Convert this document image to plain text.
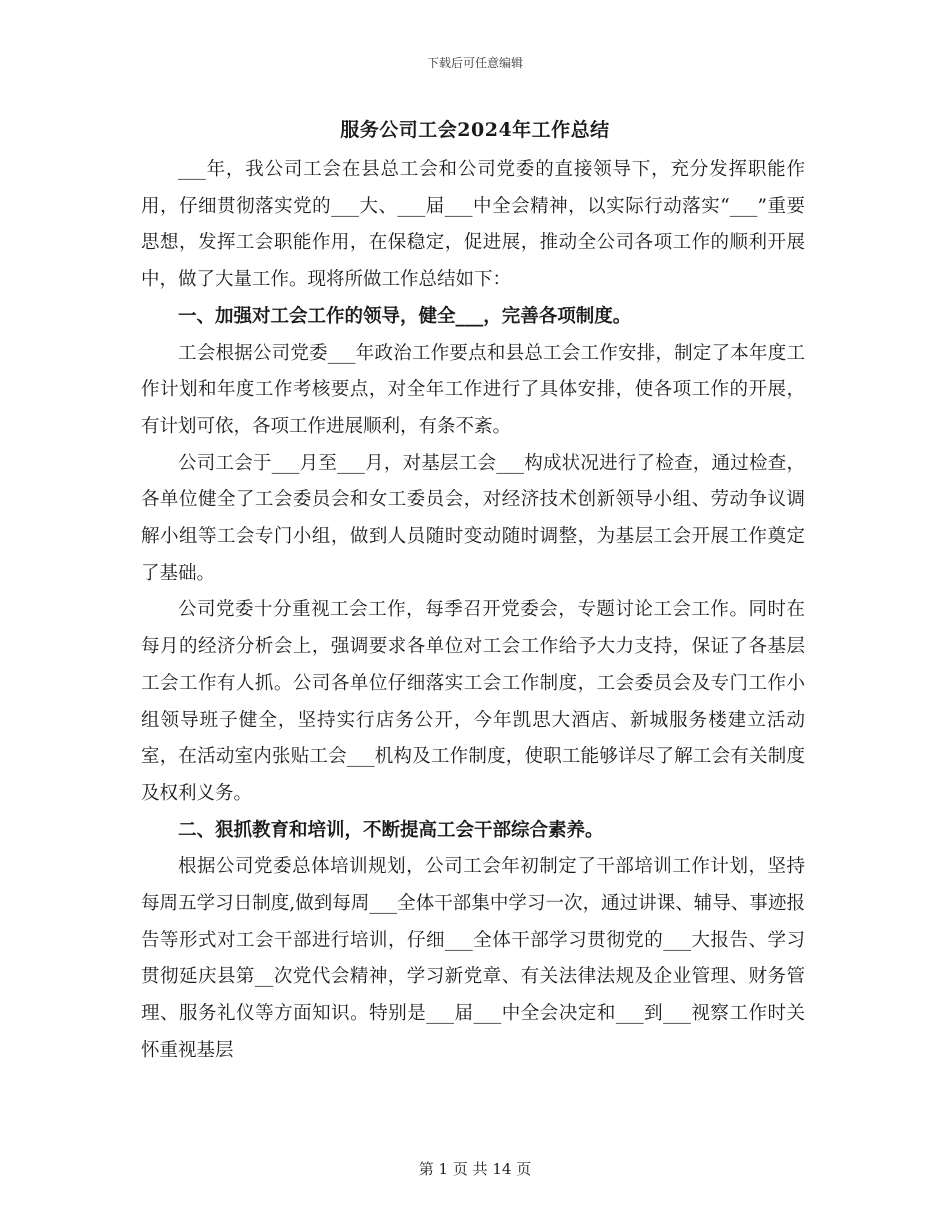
下载后可任意编辑
服务公司工会2024年工作总结

___年，我公司工会在县总工会和公司党委的直接领导下，充分发挥职能作用，仔细贯彻落实党的___大、___届___中全会精神，以实际行动落实“___”重要思想，发挥工会职能作用，在保稳定，促进展，推动全公司各项工作的顺利开展中，做了大量工作。现将所做工作总结如下：

一、加强对工会工作的领导，健全___，完善各项制度。

工会根据公司党委___年政治工作要点和县总工会工作安排，制定了本年度工作计划和年度工作考核要点，对全年工作进行了具体安排，使各项工作的开展，有计划可依，各项工作进展顺利，有条不紊。

公司工会于___月至___月，对基层工会___构成状况进行了检查，通过检查，各单位健全了工会委员会和女工委员会，对经济技术创新领导小组、劳动争议调解小组等工会专门小组，做到人员随时变动随时调整，为基层工会开展工作奠定了基础。

公司党委十分重视工会工作，每季召开党委会，专题讨论工会工作。同时在每月的经济分析会上，强调要求各单位对工会工作给予大力支持，保证了各基层工会工作有人抓。公司各单位仔细落实工会工作制度，工会委员会及专门工作小组领导班子健全，坚持实行店务公开，今年凯思大酒店、新城服务楼建立活动室，在活动室内张贴工会___机构及工作制度，使职工能够详尽了解工会有关制度及权利义务。

二、狠抓教育和培训，不断提高工会干部综合素养。

根据公司党委总体培训规划，公司工会年初制定了干部培训工作计划，坚持每周五学习日制度,做到每周___全体干部集中学习一次，通过讲课、辅导、事迹报告等形式对工会干部进行培训，仔细___全体干部学习贯彻党的___大报告、学习贯彻延庆县第__次党代会精神，学习新党章、有关法律法规及企业管理、财务管理、服务礼仪等方面知识。特别是___届___中全会决定和___到___视察工作时关怀重视基层

第 1 页 共 14 页
